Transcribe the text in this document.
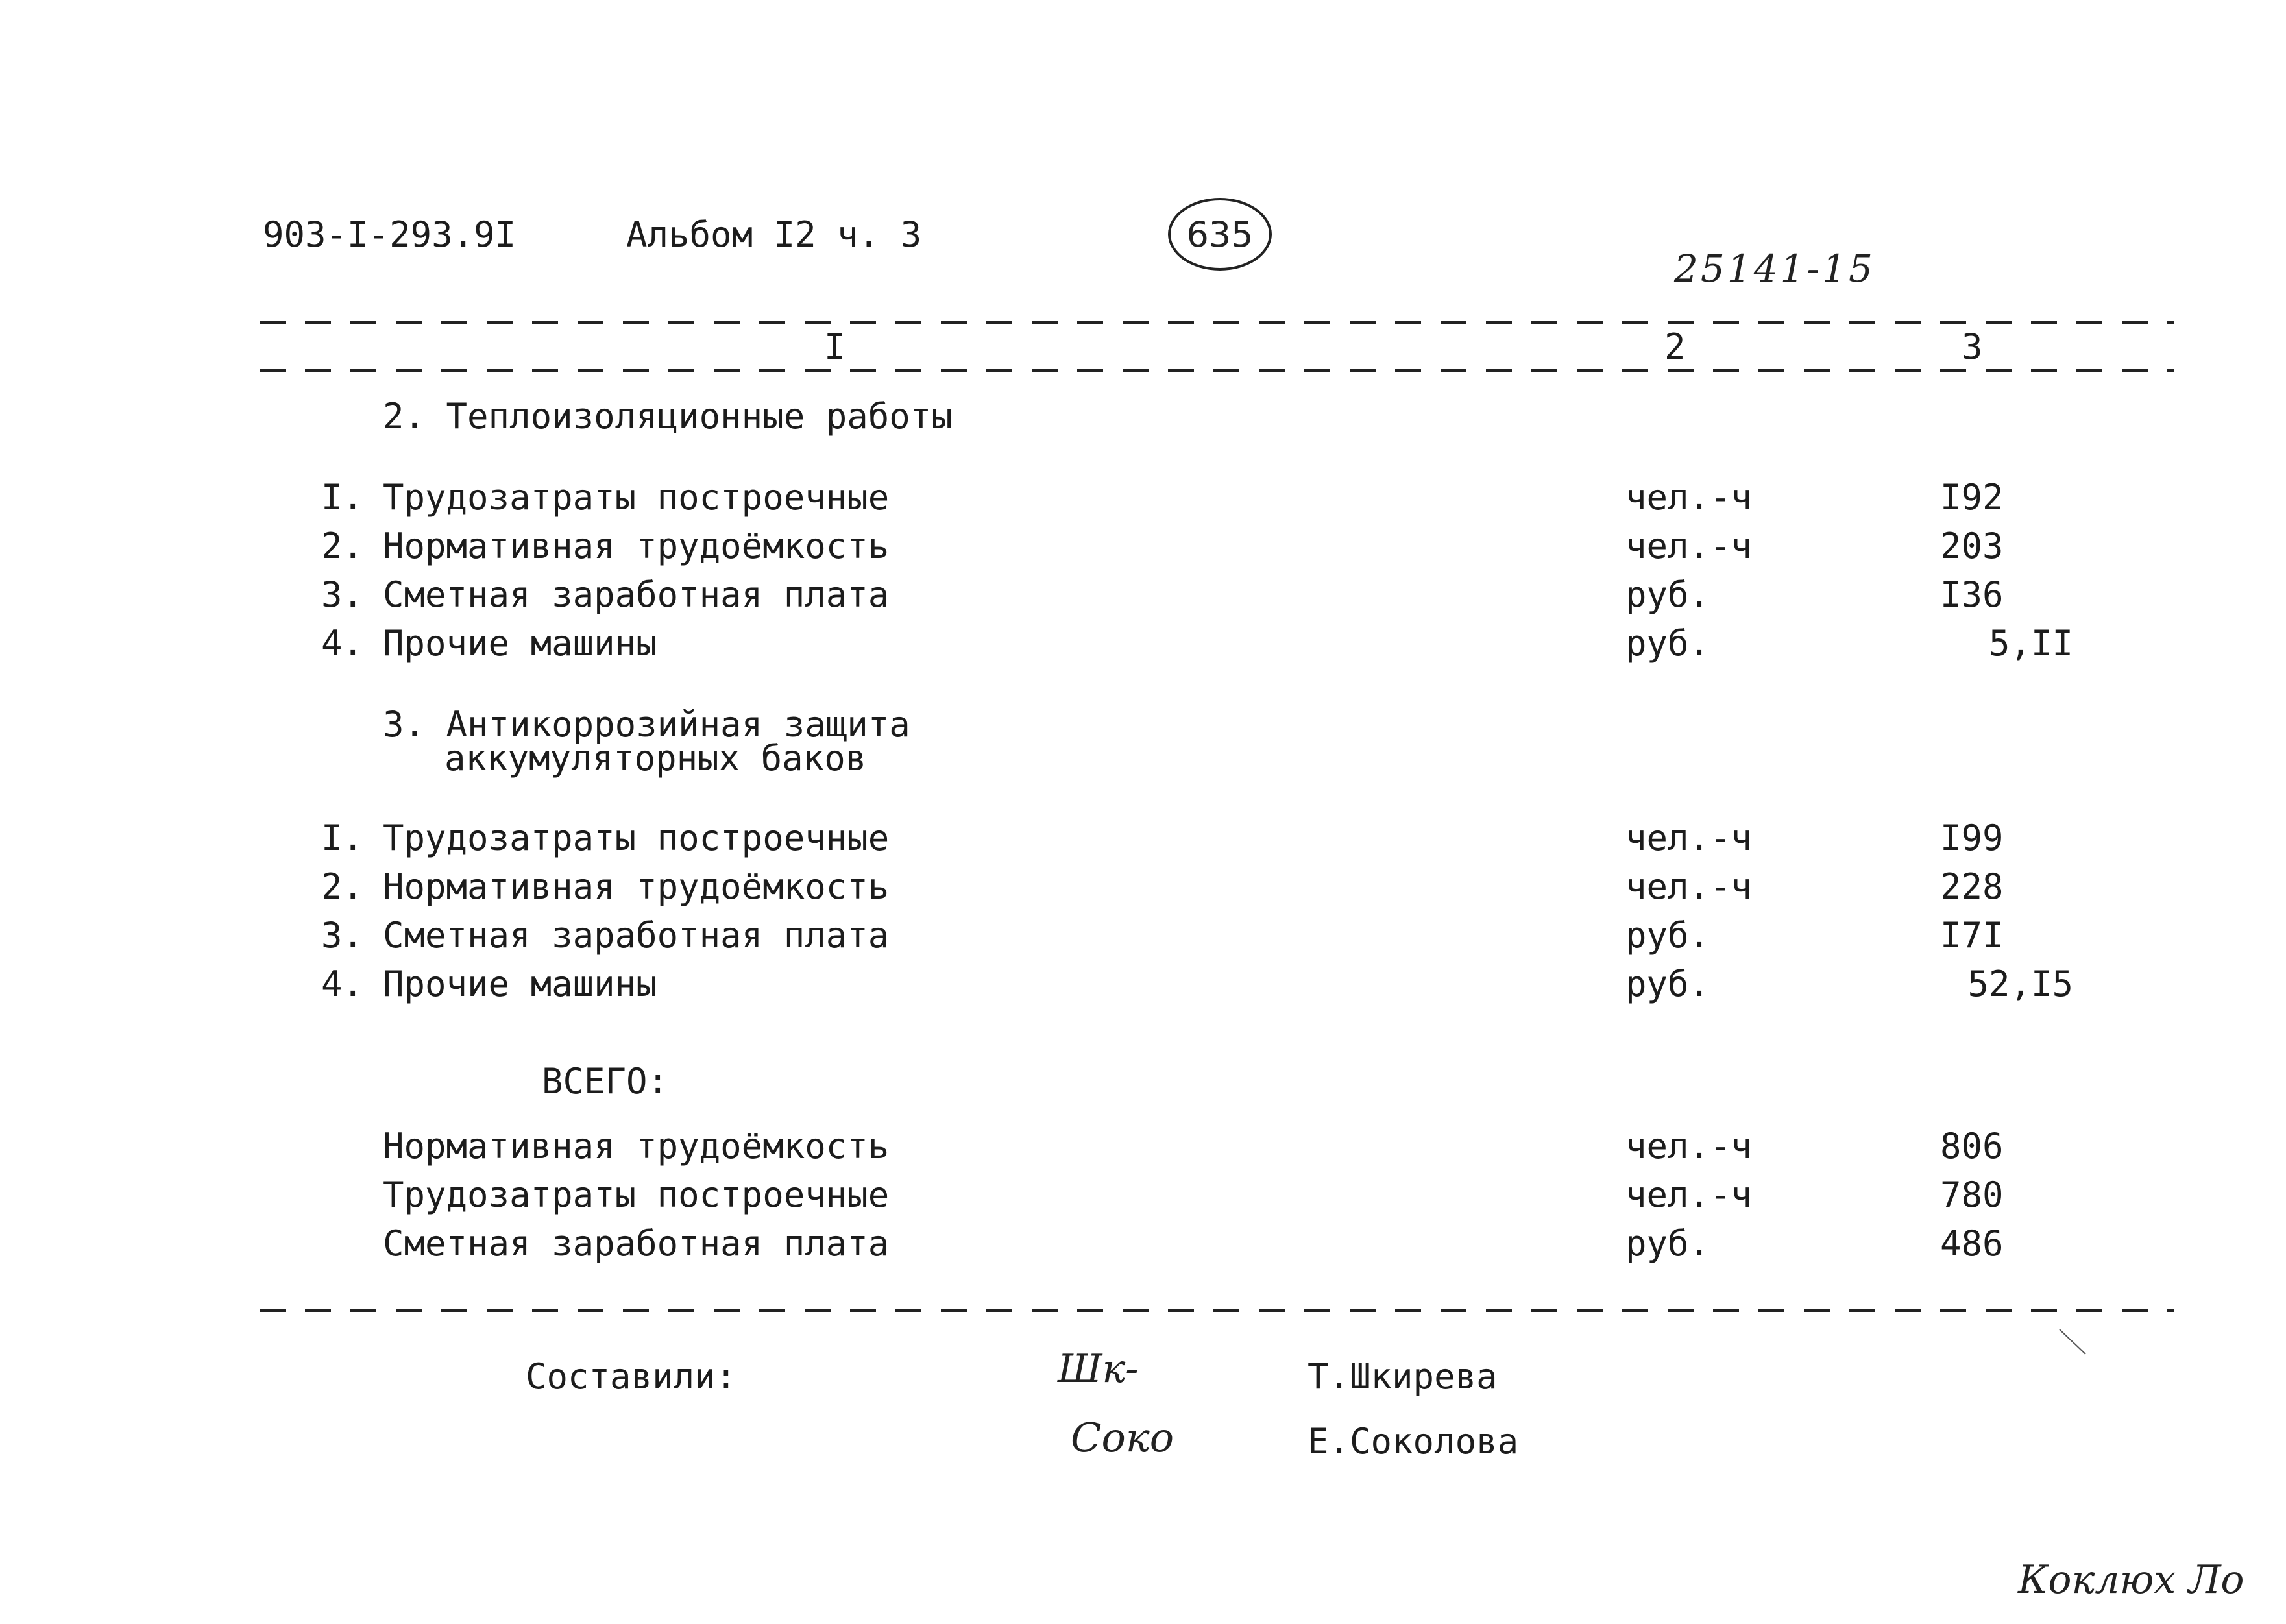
903-I-293.9I	Альбом I2 ч. 3	635
25141-15
I	2	3
2. Теплоизоляционные работы
I. Трудозатраты построечные	чел.-ч	I92
2. Нормативная трудоёмкость	чел.-ч	203
3. Сметная заработная плата	руб.	I36
4. Прочие машины	руб.	5,II
3. Антикоррозийная защита
аккумуляторных баков
I. Трудозатраты построечные	чел.-ч	I99
2. Нормативная трудоёмкость	чел.-ч	228
3. Сметная заработная плата	руб.	I7I
4. Прочие машины	руб.	52,I5
ВСЕГО:
Нормативная трудоёмкость	чел.-ч	806
Трудозатраты построечные	чел.-ч	780
Сметная заработная плата	руб.	486
Составили:	Шк-	Т.Шкирева
Соко	Е.Соколова
Коклюх Ло
